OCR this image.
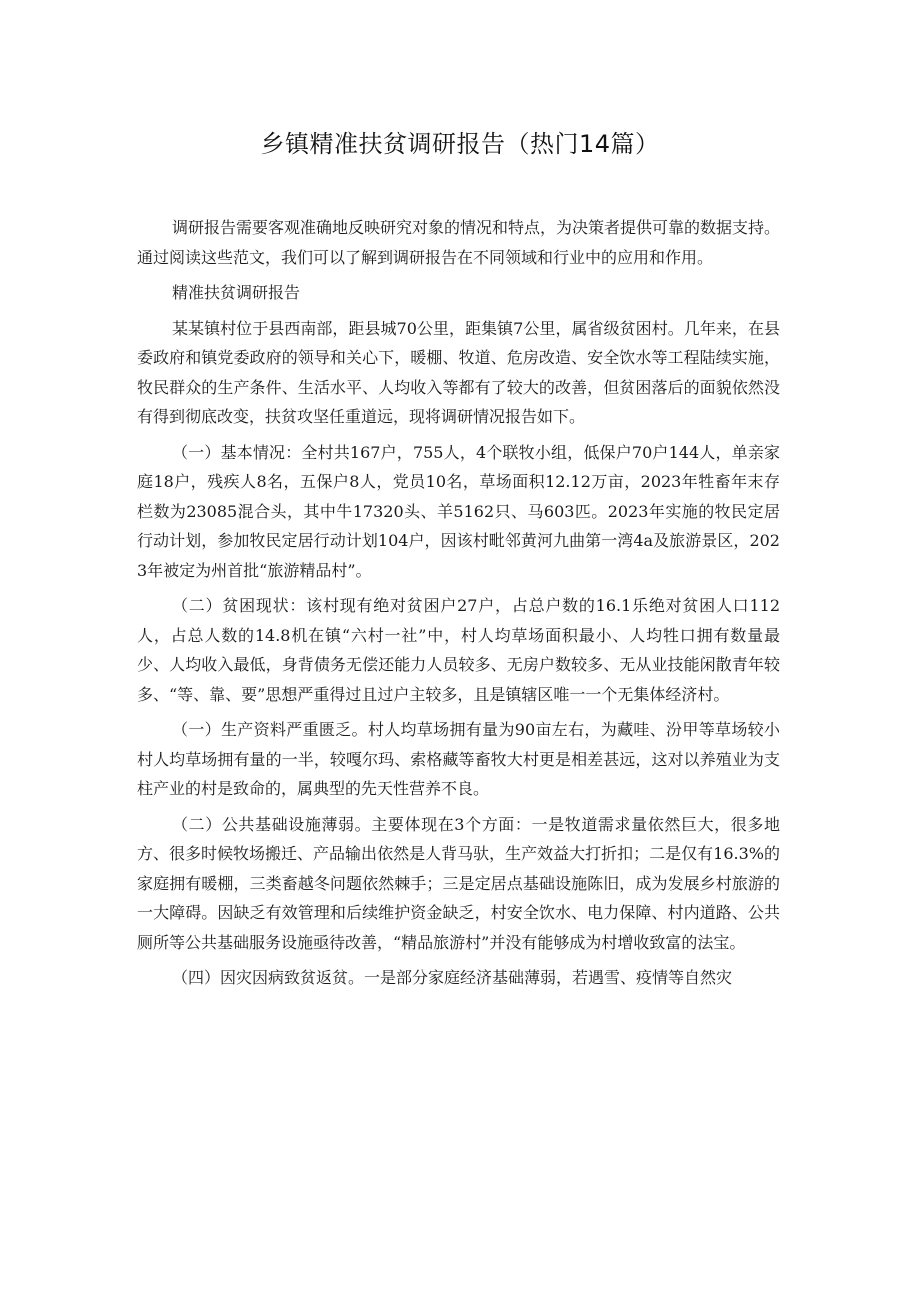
乡镇精准扶贫调研报告（热门14篇）

调研报告需要客观准确地反映研究对象的情况和特点，为决策者提供可靠的数据支持。通过阅读这些范文，我们可以了解到调研报告在不同领域和行业中的应用和作用。

精准扶贫调研报告

某某镇村位于县西南部，距县城70公里，距集镇7公里，属省级贫困村。几年来，在县委政府和镇党委政府的领导和关心下，暖棚、牧道、危房改造、安全饮水等工程陆续实施，牧民群众的生产条件、生活水平、人均收入等都有了较大的改善，但贫困落后的面貌依然没有得到彻底改变，扶贫攻坚任重道远，现将调研情况报告如下。

（一）基本情况：全村共167户，755人，4个联牧小组，低保户70户144人，单亲家庭18户，残疾人8名，五保户8人，党员10名，草场面积12.12万亩，2023年牲畜年末存栏数为23085混合头，其中牛17320头、羊5162只、马603匹。2023年实施的牧民定居行动计划，参加牧民定居行动计划104户，因该村毗邻黄河九曲第一湾4a及旅游景区，2023年被定为州首批“旅游精品村”。

（二）贫困现状：该村现有绝对贫困户27户，占总户数的16.1乐绝对贫困人口112人，占总人数的14.8机在镇“六村一社”中，村人均草场面积最小、人均牲口拥有数量最少、人均收入最低，身背债务无偿还能力人员较多、无房户数较多、无从业技能闲散青年较多、“等、靠、要”思想严重得过且过户主较多，且是镇辖区唯一一个无集体经济村。

（一）生产资料严重匮乏。村人均草场拥有量为90亩左右，为藏哇、汾甲等草场较小村人均草场拥有量的一半，较嘎尔玛、索格藏等畜牧大村更是相差甚远，这对以养殖业为支柱产业的村是致命的，属典型的先天性营养不良。

（二）公共基础设施薄弱。主要体现在3个方面：一是牧道需求量依然巨大，很多地方、很多时候牧场搬迁、产品输出依然是人背马驮，生产效益大打折扣；二是仅有16.3%的家庭拥有暖棚，三类畜越冬问题依然棘手；三是定居点基础设施陈旧，成为发展乡村旅游的一大障碍。因缺乏有效管理和后续维护资金缺乏，村安全饮水、电力保障、村内道路、公共厕所等公共基础服务设施亟待改善，“精品旅游村”并没有能够成为村增收致富的法宝。

（四）因灾因病致贫返贫。一是部分家庭经济基础薄弱，若遇雪、疫情等自然灾
